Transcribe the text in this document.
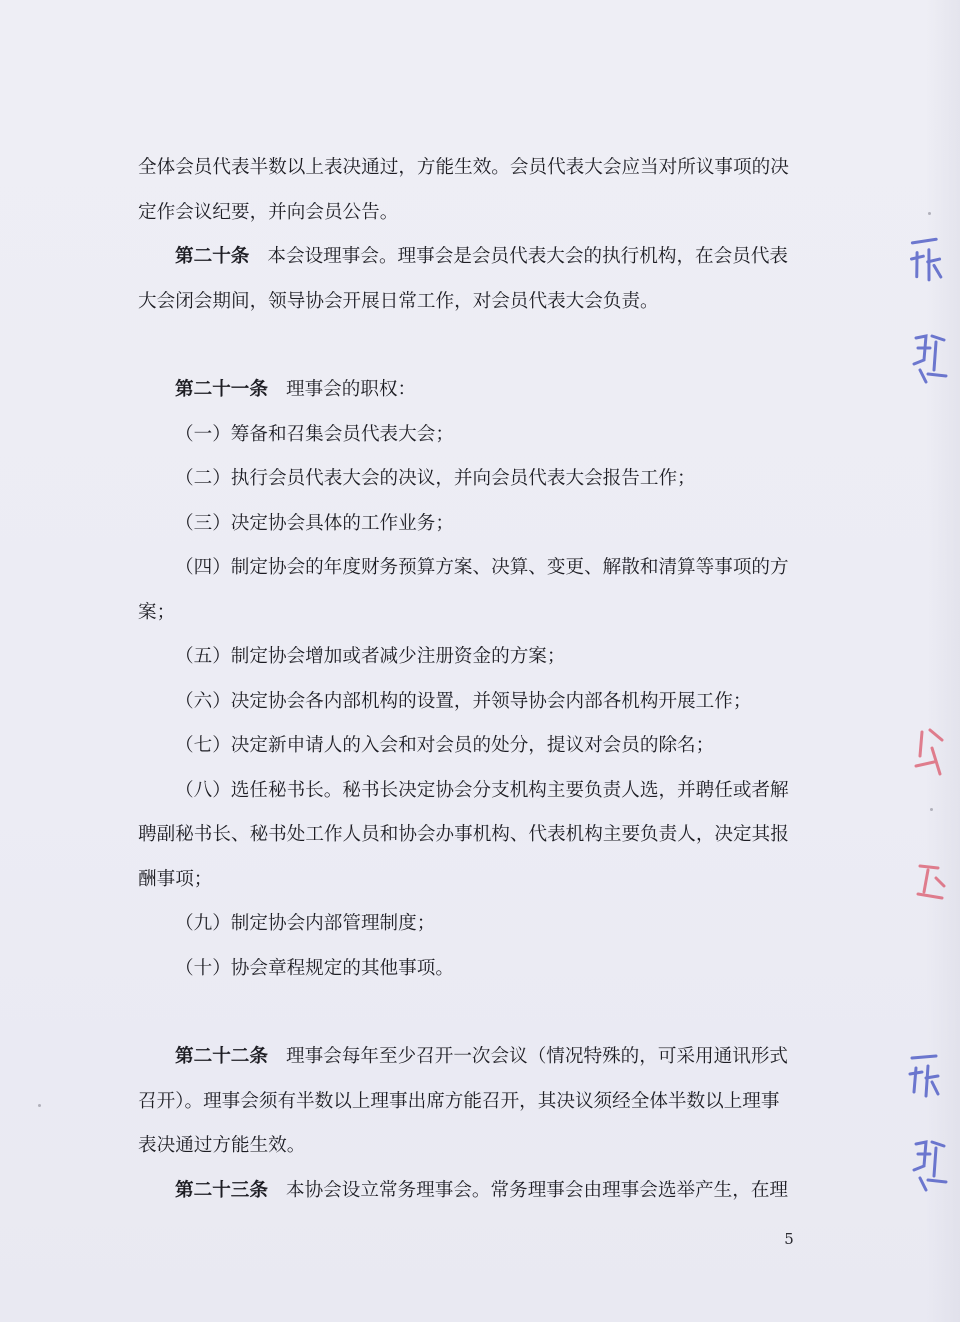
全体会员代表半数以上表决通过，方能生效。会员代表大会应当对所议事项的决

定作会议纪要，并向会员公告。

第二十条 本会设理事会。理事会是会员代表大会的执行机构，在会员代表

大会闭会期间，领导协会开展日常工作，对会员代表大会负责。

第二十一条 理事会的职权：

（一）筹备和召集会员代表大会；

（二）执行会员代表大会的决议，并向会员代表大会报告工作；

（三）决定协会具体的工作业务；

（四）制定协会的年度财务预算方案、决算、变更、解散和清算等事项的方

案；

（五）制定协会增加或者减少注册资金的方案；

（六）决定协会各内部机构的设置，并领导协会内部各机构开展工作；

（七）决定新申请人的入会和对会员的处分，提议对会员的除名；

（八）选任秘书长。秘书长决定协会分支机构主要负责人选，并聘任或者解

聘副秘书长、秘书处工作人员和协会办事机构、代表机构主要负责人，决定其报

酬事项；

（九）制定协会内部管理制度；

（十）协会章程规定的其他事项。

第二十二条 理事会每年至少召开一次会议（情况特殊的，可采用通讯形式

召开）。理事会须有半数以上理事出席方能召开，其决议须经全体半数以上理事

表决通过方能生效。

第二十三条 本协会设立常务理事会。常务理事会由理事会选举产生，在理

5
